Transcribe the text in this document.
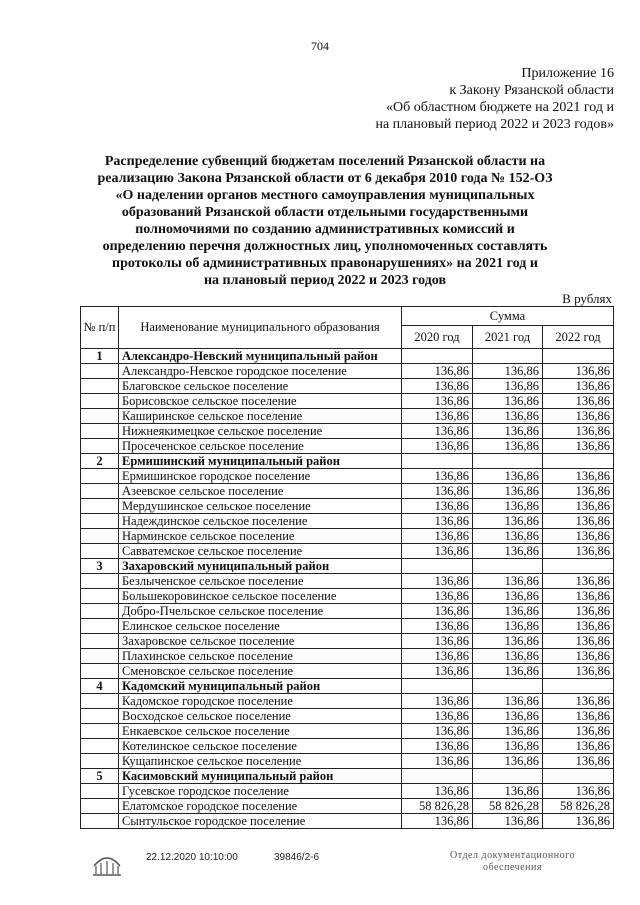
704
Приложение 16
к Закону Рязанской области
«Об областном бюджете на 2021 год и
на плановый период 2022 и 2023 годов»
Распределение субвенций бюджетам поселений Рязанской области на
реализацию Закона Рязанской области от 6 декабря 2010 года № 152-ОЗ
«О наделении органов местного самоуправления муниципальных
образований Рязанской области отдельными государственными
полномочиями по созданию административных комиссий и
определению перечня должностных лиц, уполномоченных составлять
протоколы об административных правонарушениях» на 2021 год и
на плановый период 2022 и 2023 годов
В рублях
№ п/п	Наименование муниципального образования	Сумма		
		2020 год	2021 год	2022 год
1	Александро-Невский муниципальный район			
	Александро-Невское городское поселение	136,86	136,86	136,86
	Благовское сельское поселение	136,86	136,86	136,86
	Борисовское сельское поселение	136,86	136,86	136,86
	Каширинское сельское поселение	136,86	136,86	136,86
	Нижнеякимецкое сельское поселение	136,86	136,86	136,86
	Просеченское сельское поселение	136,86	136,86	136,86
2	Ермишинский муниципальный район			
	Ермишинское городское поселение	136,86	136,86	136,86
	Азеевское сельское поселение	136,86	136,86	136,86
	Мердушинское сельское поселение	136,86	136,86	136,86
	Надеждинское сельское поселение	136,86	136,86	136,86
	Нарминское сельское поселение	136,86	136,86	136,86
	Савватемское сельское поселение	136,86	136,86	136,86
3	Захаровский муниципальный район			
	Безлыченское сельское поселение	136,86	136,86	136,86
	Большекоровинское сельское поселение	136,86	136,86	136,86
	Добро-Пчельское сельское поселение	136,86	136,86	136,86
	Елинское сельское поселение	136,86	136,86	136,86
	Захаровское сельское поселение	136,86	136,86	136,86
	Плахинское сельское поселение	136,86	136,86	136,86
	Сменовское сельское поселение	136,86	136,86	136,86
4	Кадомский муниципальный район			
	Кадомское городское поселение	136,86	136,86	136,86
	Восходское сельское поселение	136,86	136,86	136,86
	Енкаевское сельское поселение	136,86	136,86	136,86
	Котелинское сельское поселение	136,86	136,86	136,86
	Кущапинское сельское поселение	136,86	136,86	136,86
5	Касимовский муниципальный район			
	Гусевское городское поселение	136,86	136,86	136,86
	Елатомское городское поселение	58 826,28	58 826,28	58 826,28
	Сынтульское городское поселение	136,86	136,86	136,86
22.12.2020 10:10:00	39846/2-6	Отдел документационного
обеспечения
